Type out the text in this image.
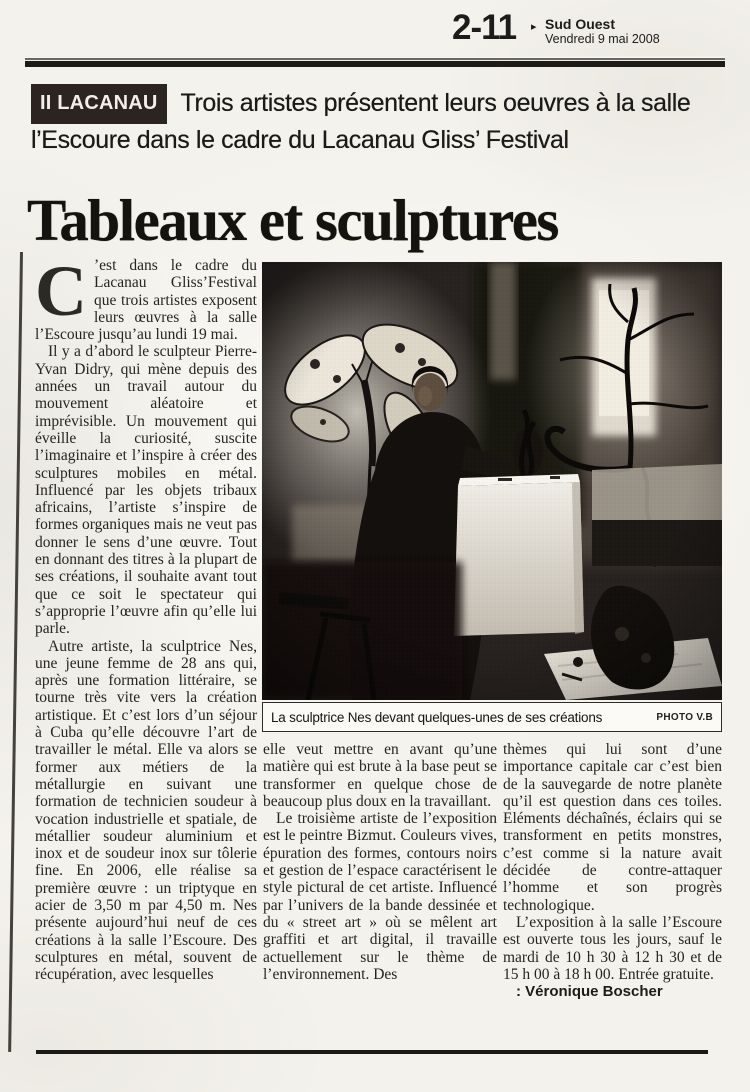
2-11 ▸ Sud Ouest
Vendredi 9 mai 2008
II LACANAU Trois artistes présentent leurs oeuvres à la salle l’Escoure dans le cadre du Lacanau Gliss’ Festival
Tableaux et sculptures

C ’est dans le cadre du Lacanau Gliss’Festival que trois artistes exposent leurs œuvres à la salle l’Escoure jusqu’au lundi 19 mai.

Il y a d’abord le sculpteur Pierre-Yvan Didry, qui mène depuis des années un travail autour du mouvement aléatoire et imprévisible. Un mouvement qui éveille la curiosité, suscite l’imaginaire et l’inspire à créer des sculptures mobiles en métal. Influencé par les objets tribaux africains, l’artiste s’inspire de formes organiques mais ne veut pas donner le sens d’une œuvre. Tout en donnant des titres à la plupart de ses créations, il souhaite avant tout que ce soit le spectateur qui s’approprie l’œuvre afin qu’elle lui parle.

Autre artiste, la sculptrice Nes, une jeune femme de 28 ans qui, après une formation littéraire, se tourne très vite vers la création artistique. Et c’est lors d’un séjour à Cuba qu’elle découvre l’art de travailler le métal. Elle va alors se former aux métiers de la métallurgie en suivant une formation de technicien soudeur à vocation industrielle et spatiale, de métallier soudeur aluminium et inox et de soudeur inox sur tôlerie fine. En 2006, elle réalise sa première œuvre : un triptyque en acier de 3,50 m par 4,50 m. Nes présente aujourd’hui neuf de ces créations à la salle l’Escoure. Des sculptures en métal, souvent de récupération, avec lesquelles

La sculptrice Nes devant quelques-unes de ses créations	PHOTO V.B

elle veut mettre en avant qu’une matière qui est brute à la base peut se transformer en quelque chose de beaucoup plus doux en la travaillant.

Le troisième artiste de l’exposition est le peintre Bizmut. Couleurs vives, épuration des formes, contours noirs et gestion de l’espace caractérisent le style pictural de cet artiste. Influencé par l’univers de la bande dessinée et du « street art » où se mêlent art graffiti et art digital, il travaille actuellement sur le thème de l’environnement. Des

thèmes qui lui sont d’une importance capitale car c’est bien de la sauvegarde de notre planète qu’il est question dans ces toiles. Eléments déchaînés, éclairs qui se transforment en petits monstres, c’est comme si la nature avait décidée de contre-attaquer l’homme et son progrès technologique.

L’exposition à la salle l’Escoure est ouverte tous les jours, sauf le mardi de 10 h 30 à 12 h 30 et de 15 h 00 à 18 h 00. Entrée gratuite.

: Véronique Boscher
